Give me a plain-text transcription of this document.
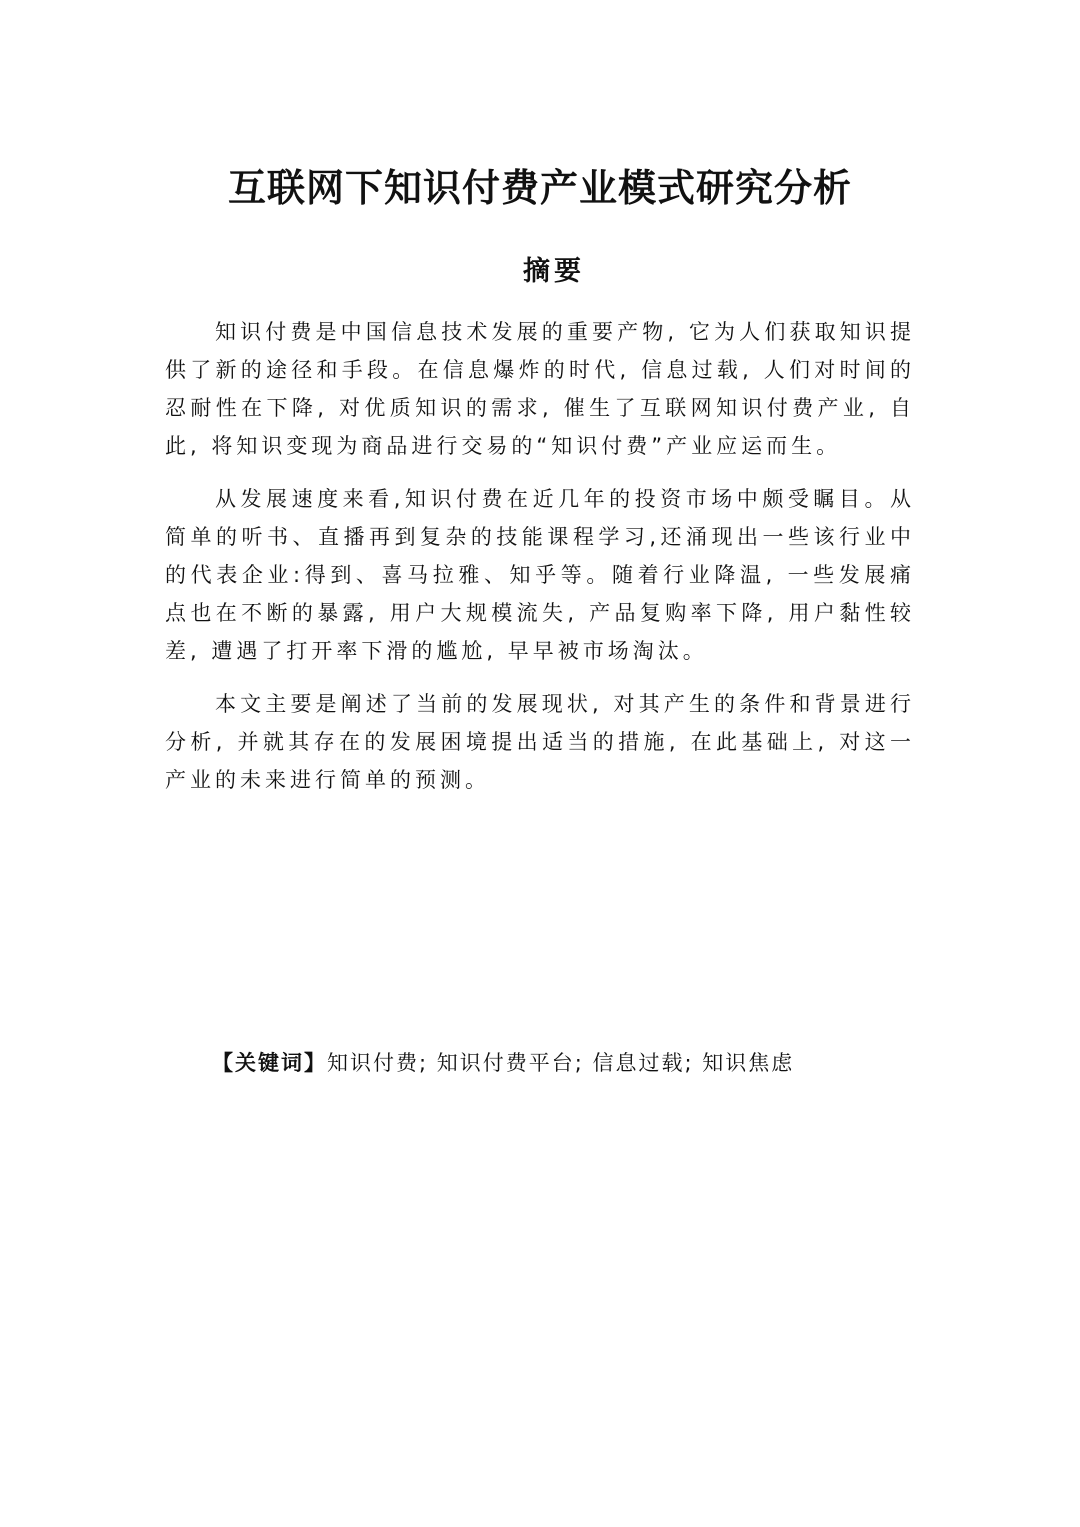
互联网下知识付费产业模式研究分析
摘要

知识付费是中国信息技术发展的重要产物, 它为人们获取知识提供了新的途径和手段。在信息爆炸的时代, 信息过载, 人们对时间的忍耐性在下降, 对优质知识的需求, 催生了互联网知识付费产业, 自此, 将知识变现为商品进行交易的“知识付费”产业应运而生。

从发展速度来看,知识付费在近几年的投资市场中颇受瞩目。从简单的听书、直播再到复杂的技能课程学习,还涌现出一些该行业中的代表企业:得到、喜马拉雅、知乎等。随着行业降温, 一些发展痛点也在不断的暴露, 用户大规模流失, 产品复购率下降, 用户黏性较差, 遭遇了打开率下滑的尴尬, 早早被市场淘汰。

本文主要是阐述了当前的发展现状, 对其产生的条件和背景进行分析, 并就其存在的发展困境提出适当的措施, 在此基础上, 对这一产业的未来进行简单的预测。

【关键词】知识付费; 知识付费平台; 信息过载; 知识焦虑
